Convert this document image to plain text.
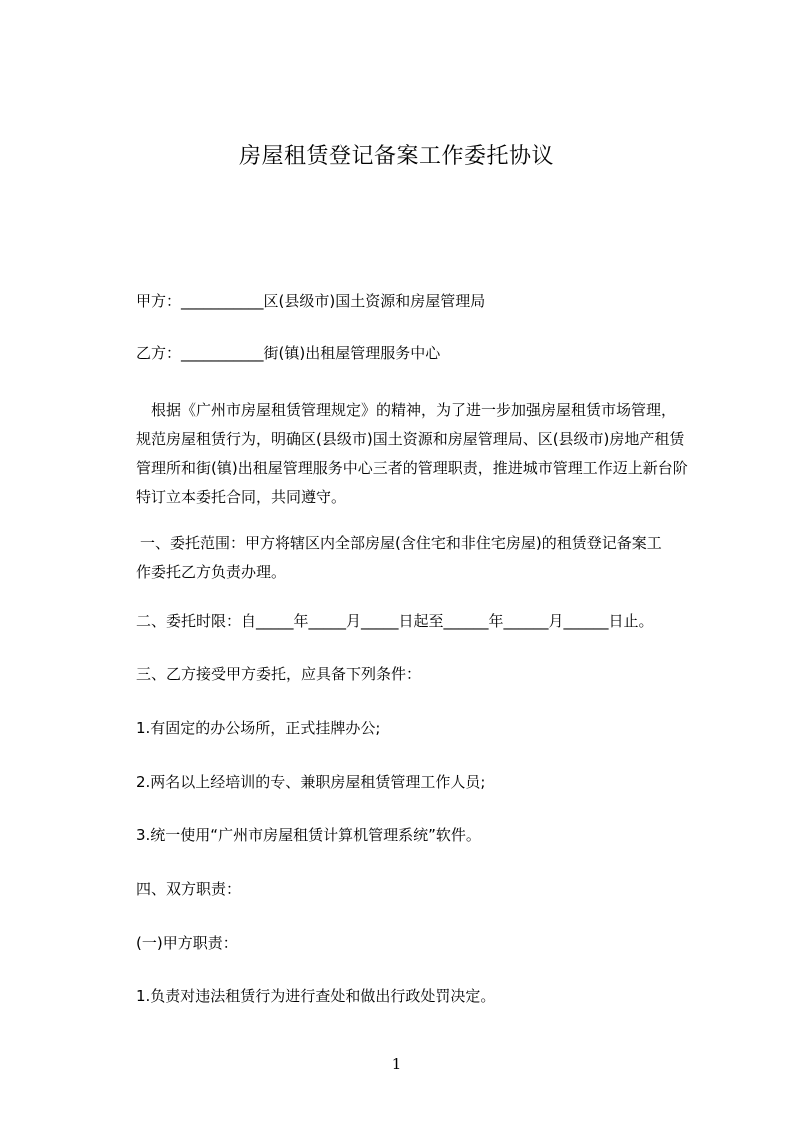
房屋租赁登记备案工作委托协议
甲方：___________区(县级市)国土资源和房屋管理局
乙方：___________街(镇)出租屋管理服务中心
　根据《广州市房屋租赁管理规定》的精神，为了进一步加强房屋租赁市场管理，
规范房屋租赁行为，明确区(县级市)国土资源和房屋管理局、区(县级市)房地产租赁
管理所和街(镇)出租屋管理服务中心三者的管理职责，推进城市管理工作迈上新台阶
特订立本委托合同，共同遵守。
一、委托范围：甲方将辖区内全部房屋(含住宅和非住宅房屋)的租赁登记备案工
作委托乙方负责办理。
二、委托时限：自_____年_____月_____日起至______年______月______日止。
三、乙方接受甲方委托，应具备下列条件：
1.有固定的办公场所，正式挂牌办公;
2.两名以上经培训的专、兼职房屋租赁管理工作人员;
3.统一使用“广州市房屋租赁计算机管理系统”软件。
四、双方职责：
(一)甲方职责：
1.负责对违法租赁行为进行查处和做出行政处罚决定。
1
